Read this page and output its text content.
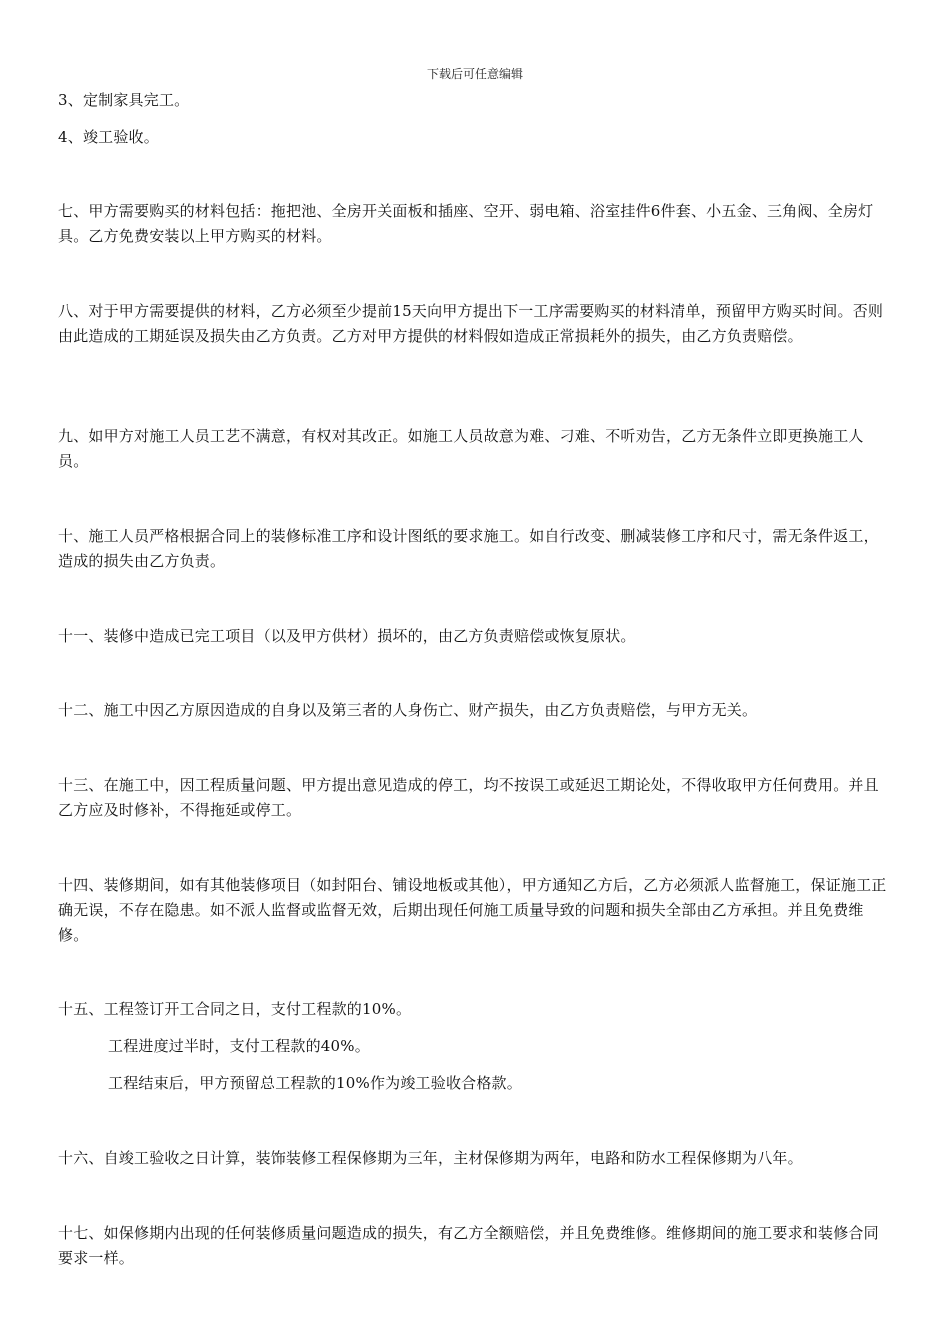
下载后可任意编辑

3、定制家具完工。

4、竣工验收。

七、甲方需要购买的材料包括：拖把池、全房开关面板和插座、空开、弱电箱、浴室挂件6件套、小五金、三角阀、全房灯具。乙方免费安装以上甲方购买的材料。

八、对于甲方需要提供的材料，乙方必须至少提前15天向甲方提出下一工序需要购买的材料清单，预留甲方购买时间。否则由此造成的工期延误及损失由乙方负责。乙方对甲方提供的材料假如造成正常损耗外的损失，由乙方负责赔偿。

九、如甲方对施工人员工艺不满意，有权对其改正。如施工人员故意为难、刁难、不听劝告，乙方无条件立即更换施工人员。

十、施工人员严格根据合同上的装修标准工序和设计图纸的要求施工。如自行改变、删减装修工序和尺寸，需无条件返工，造成的损失由乙方负责。

十一、装修中造成已完工项目（以及甲方供材）损坏的，由乙方负责赔偿或恢复原状。

十二、施工中因乙方原因造成的自身以及第三者的人身伤亡、财产损失，由乙方负责赔偿，与甲方无关。

十三、在施工中，因工程质量问题、甲方提出意见造成的停工，均不按误工或延迟工期论处，不得收取甲方任何费用。并且乙方应及时修补，不得拖延或停工。

十四、装修期间，如有其他装修项目（如封阳台、铺设地板或其他），甲方通知乙方后，乙方必须派人监督施工，保证施工正确无误，不存在隐患。如不派人监督或监督无效，后期出现任何施工质量导致的问题和损失全部由乙方承担。并且免费维修。

十五、工程签订开工合同之日，支付工程款的10%。

工程进度过半时，支付工程款的40%。

工程结束后，甲方预留总工程款的10%作为竣工验收合格款。

十六、自竣工验收之日计算，装饰装修工程保修期为三年，主材保修期为两年，电路和防水工程保修期为八年。

十七、如保修期内出现的任何装修质量问题造成的损失，有乙方全额赔偿，并且免费维修。维修期间的施工要求和装修合同要求一样。
